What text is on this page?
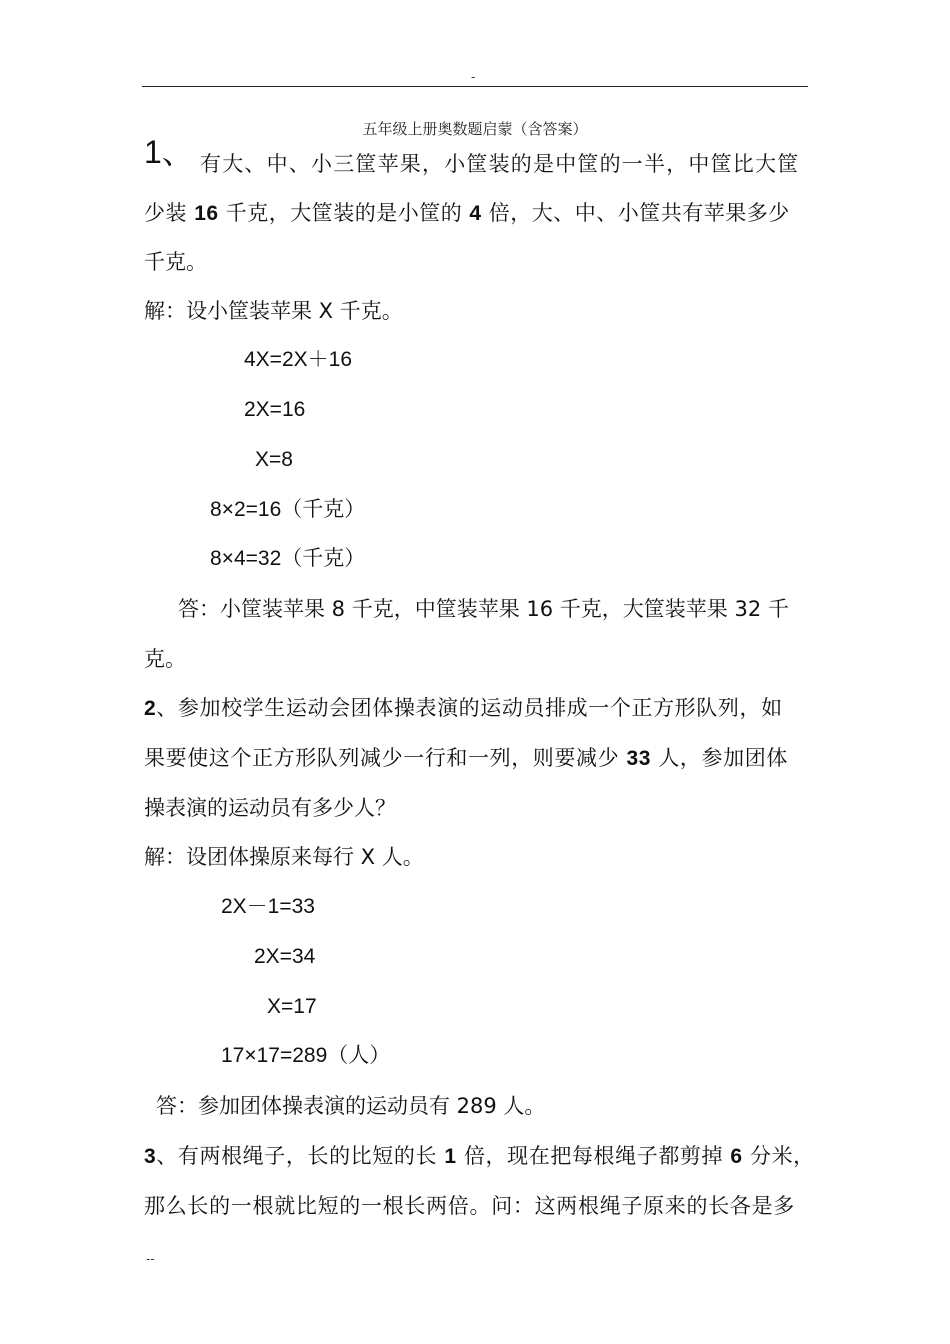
-
五年级上册奥数题启蒙（含答案）
1、 有大、中、小三筐苹果，小筐装的是中筐的一半，中筐比大筐
少装 16 千克，大筐装的是小筐的 4 倍，大、中、小筐共有苹果多少
千克。
解：设小筐装苹果 X 千克。
4X=2X＋16
2X=16
X=8
8×2=16（千克）
8×4=32（千克）
答：小筐装苹果 8 千克，中筐装苹果 16 千克，大筐装苹果 32 千
克。
2、参加校学生运动会团体操表演的运动员排成一个正方形队列，如
果要使这个正方形队列减少一行和一列，则要减少 33 人，参加团体
操表演的运动员有多少人？
解：设团体操原来每行 X 人。
2X－1=33
2X=34
X=17
17×17=289（人）
答：参加团体操表演的运动员有 289 人。
3、有两根绳子，长的比短的长 1 倍，现在把每根绳子都剪掉 6 分米，
那么长的一根就比短的一根长两倍。问：这两根绳子原来的长各是多
--
